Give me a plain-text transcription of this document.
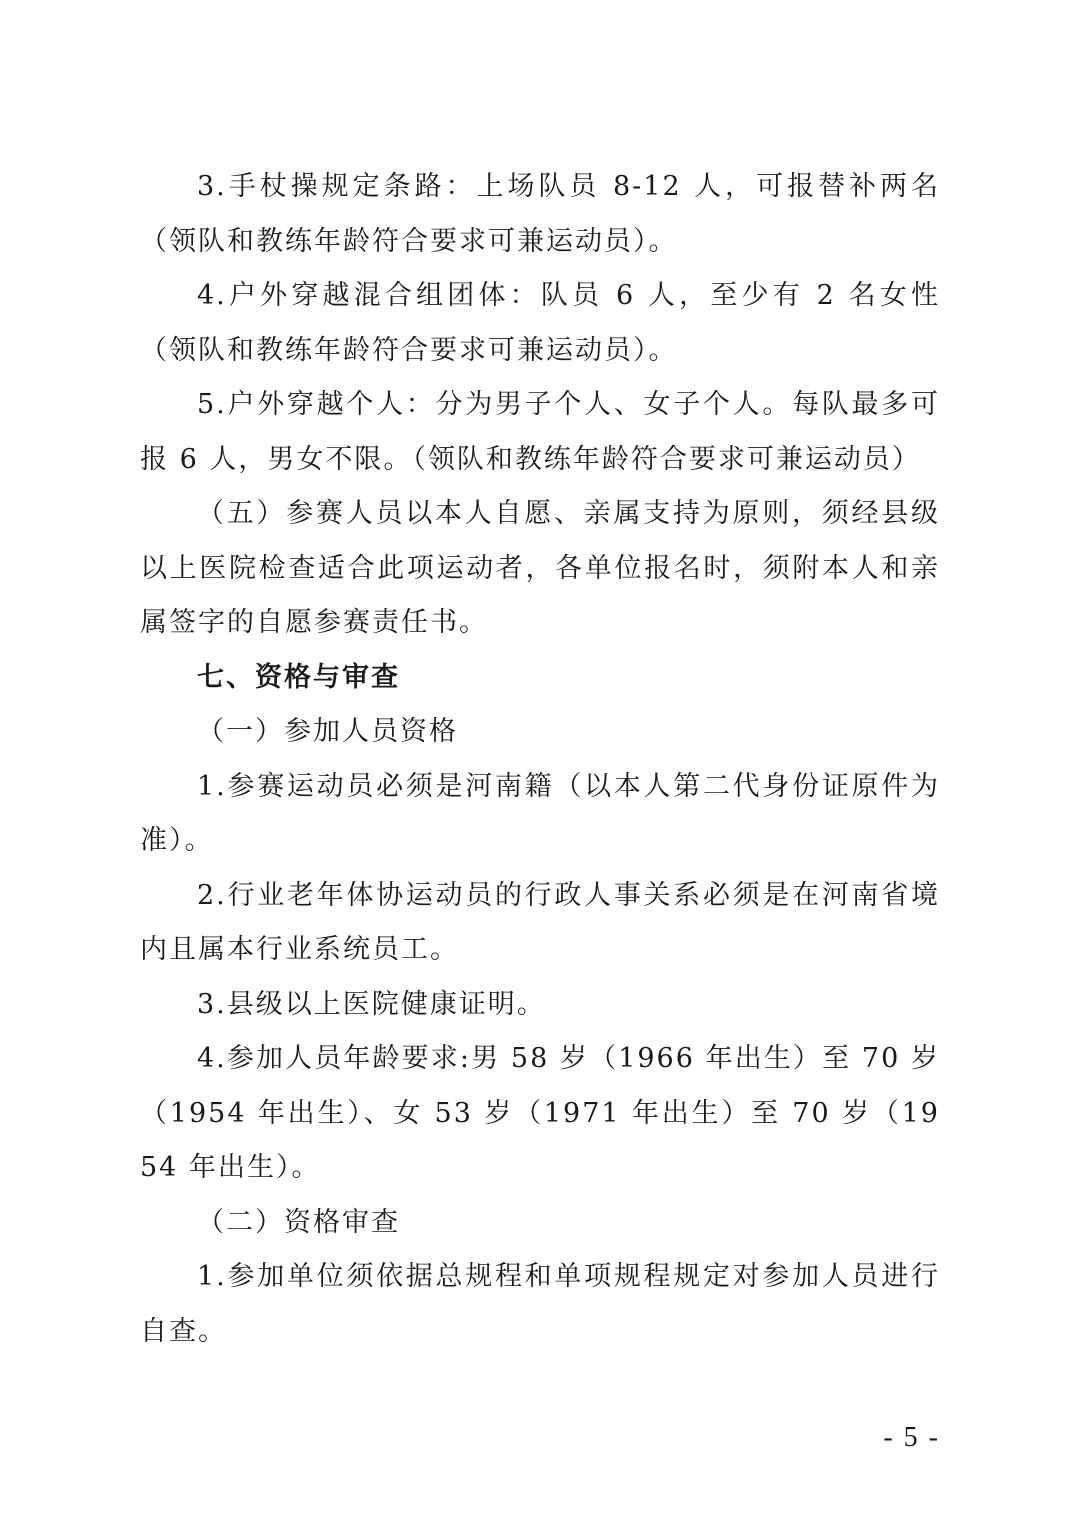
3.手杖操规定条路：上场队员 8-12 人，可报替补两名（领队和教练年龄符合要求可兼运动员）。

4.户外穿越混合组团体：队员 6 人，至少有 2 名女性（领队和教练年龄符合要求可兼运动员）。

5.户外穿越个人：分为男子个人、女子个人。每队最多可报 6 人，男女不限。（领队和教练年龄符合要求可兼运动员）

（五）参赛人员以本人自愿、亲属支持为原则，须经县级以上医院检查适合此项运动者，各单位报名时，须附本人和亲属签字的自愿参赛责任书。

七、资格与审查

（一）参加人员资格

1.参赛运动员必须是河南籍（以本人第二代身份证原件为准）。

2.行业老年体协运动员的行政人事关系必须是在河南省境内且属本行业系统员工。

3.县级以上医院健康证明。

4.参加人员年龄要求:男 58 岁（1966 年出生）至 70 岁（1954 年出生）、女 53 岁（1971 年出生）至 70 岁（1954 年出生）。

（二）资格审查

1.参加单位须依据总规程和单项规程规定对参加人员进行自查。

- 5 -
